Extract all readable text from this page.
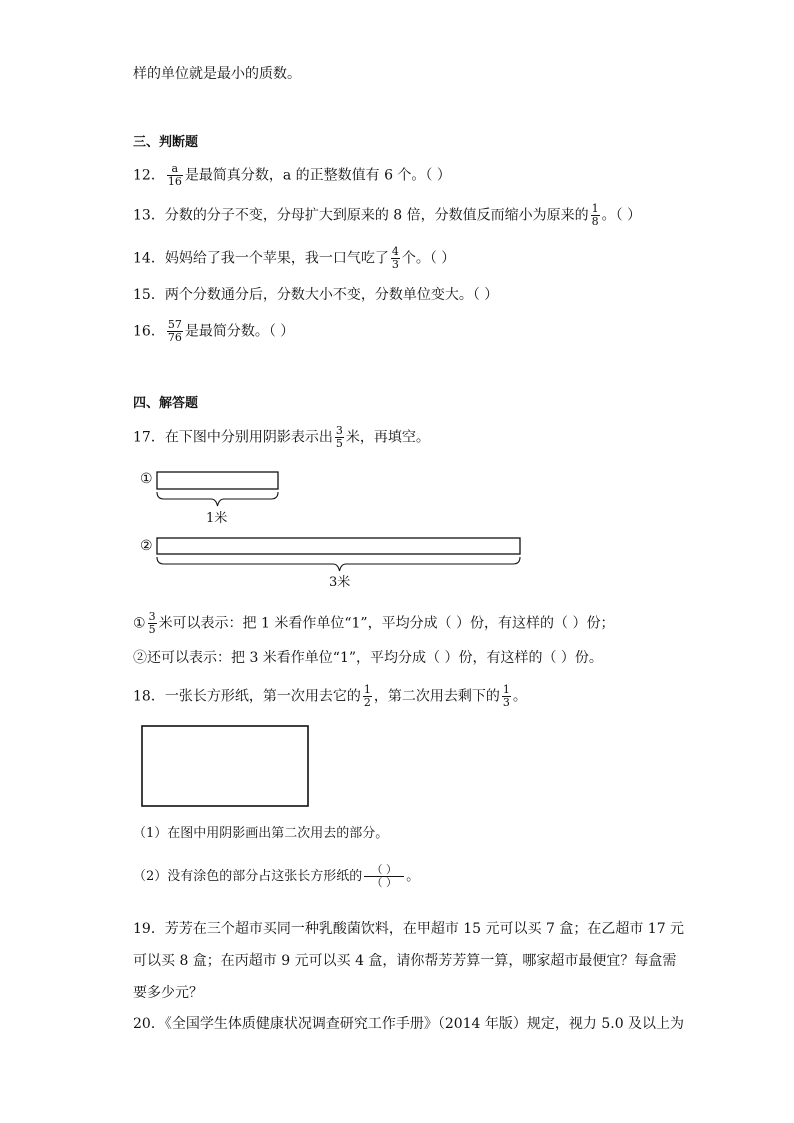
样的单位就是最小的质数。
三、判断题
12． $\frac{a}{16}$ 是最简真分数，a 的正整数值有 6 个。（ ）
13．分数的分子不变，分母扩大到原来的 8 倍，分数值反而缩小为原来的 $\frac{1}{8}$ 。（ ）
14．妈妈给了我一个苹果，我一口气吃了 $\frac{4}{3}$ 个。（ ）
15．两个分数通分后，分数大小不变，分数单位变大。（ ）
16． $\frac{57}{76}$ 是最简分数。（ ）
四、解答题
17．在下图中分别用阴影表示出 $\frac{3}{5}$ 米，再填空。
①
1米
②
3米
① $\frac{3}{5}$ 米可以表示：把 1 米看作单位“1”，平均分成（ ）份，有这样的（ ）份；
②还可以表示：把 3 米看作单位“1”，平均分成（ ）份，有这样的（ ）份。
18．一张长方形纸，第一次用去它的 $\frac{1}{2}$ ，第二次用去剩下的 $\frac{1}{3}$ 。
（1）在图中用阴影画出第二次用去的部分。
（2）没有涂色的部分占这张长方形纸的 $\frac{( )}{( )}$ 。
19．芳芳在三个超市买同一种乳酸菌饮料，在甲超市 15 元可以买 7 盒；在乙超市 17 元
可以买 8 盒；在丙超市 9 元可以买 4 盒，请你帮芳芳算一算，哪家超市最便宜？每盒需
要多少元？
20．《全国学生体质健康状况调查研究工作手册》（2014 年版）规定，视力 5.0 及以上为
